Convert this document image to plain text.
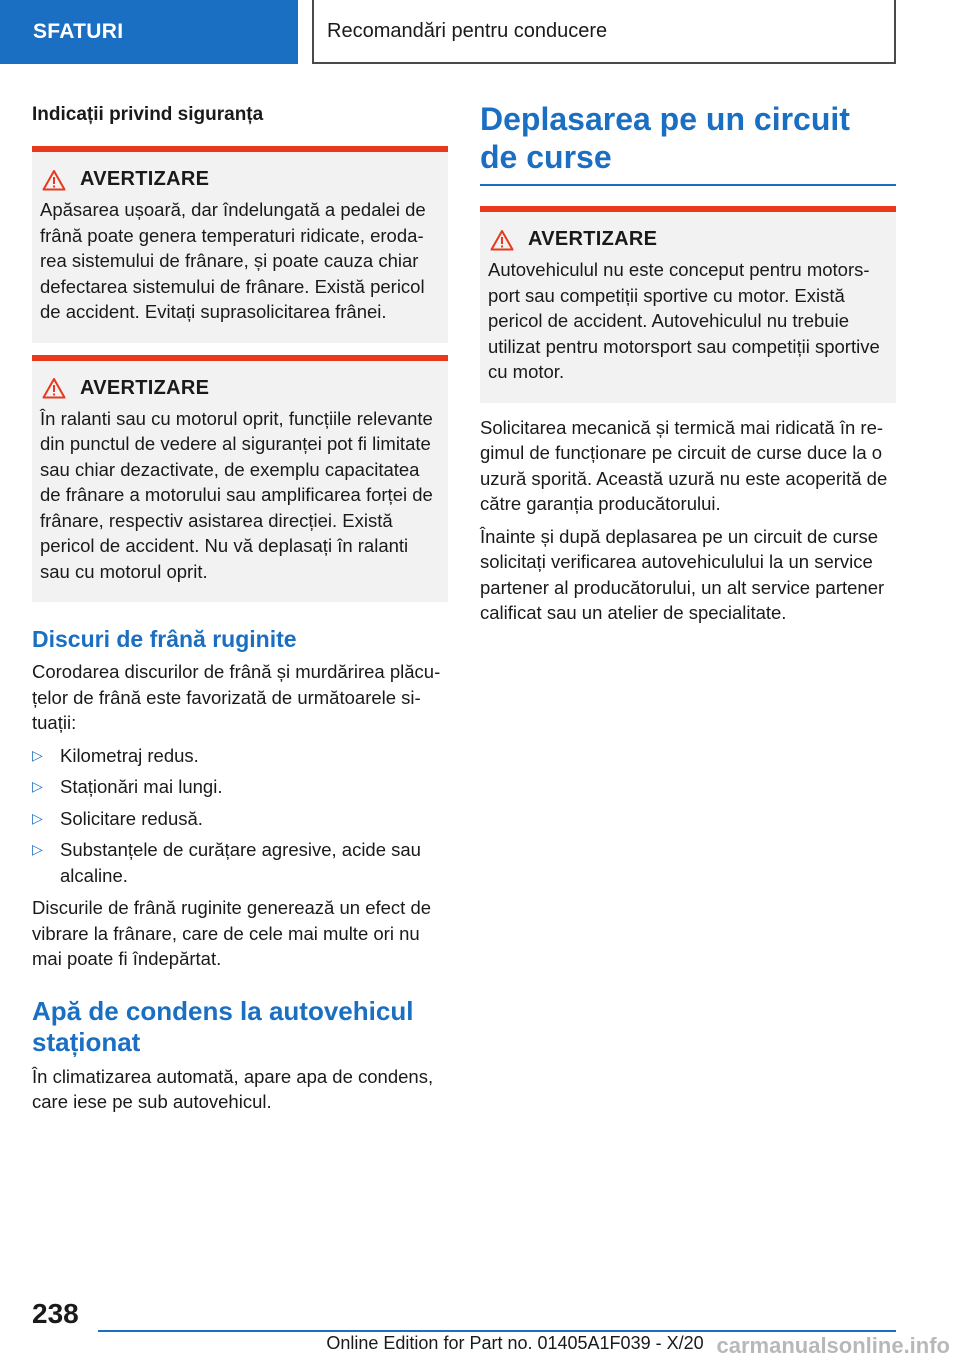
SFATURI	Recomandări pentru conducere
Indicații privind siguranța
AVERTIZARE
Apăsarea ușoară, dar îndelungată a pedalei de frână poate genera temperaturi ridicate, erodarea sistemului de frânare, și poate cauza chiar defectarea sistemului de frânare. Există pericol de accident. Evitați suprasolicitarea frânei.
AVERTIZARE
În ralanti sau cu motorul oprit, funcțiile relevante din punctul de vedere al siguranței pot fi limitate sau chiar dezactivate, de exemplu capacitatea de frânare a motorului sau amplificarea forței de frânare, respectiv asistarea direcției. Există pericol de accident. Nu vă deplasați în ralanti sau cu motorul oprit.
Discuri de frână ruginite
Corodarea discurilor de frână și murdărirea plăcuțelor de frână este favorizată de următoarele situații:
▷ Kilometraj redus.
▷ Staționări mai lungi.
▷ Solicitare redusă.
▷ Substanțele de curățare agresive, acide sau alcaline.
Discurile de frână ruginite generează un efect de vibrare la frânare, care de cele mai multe ori nu mai poate fi îndepărtat.
Apă de condens la autovehicul staționat
În climatizarea automată, apare apa de condens, care iese pe sub autovehicul.
Deplasarea pe un circuit de curse
AVERTIZARE
Autovehiculul nu este conceput pentru motorsport sau competiții sportive cu motor. Există pericol de accident. Autovehiculul nu trebuie utilizat pentru motorsport sau competiții sportive cu motor.
Solicitarea mecanică și termică mai ridicată în regimul de funcționare pe circuit de curse duce la o uzură sporită. Această uzură nu este acoperită de către garanția producătorului.
Înainte și după deplasarea pe un circuit de curse solicitați verificarea autovehiculului la un service partener al producătorului, un alt service partener calificat sau un atelier de specialitate.
238
Online Edition for Part no. 01405A1F039 - X/20 carmanualsonline.info
